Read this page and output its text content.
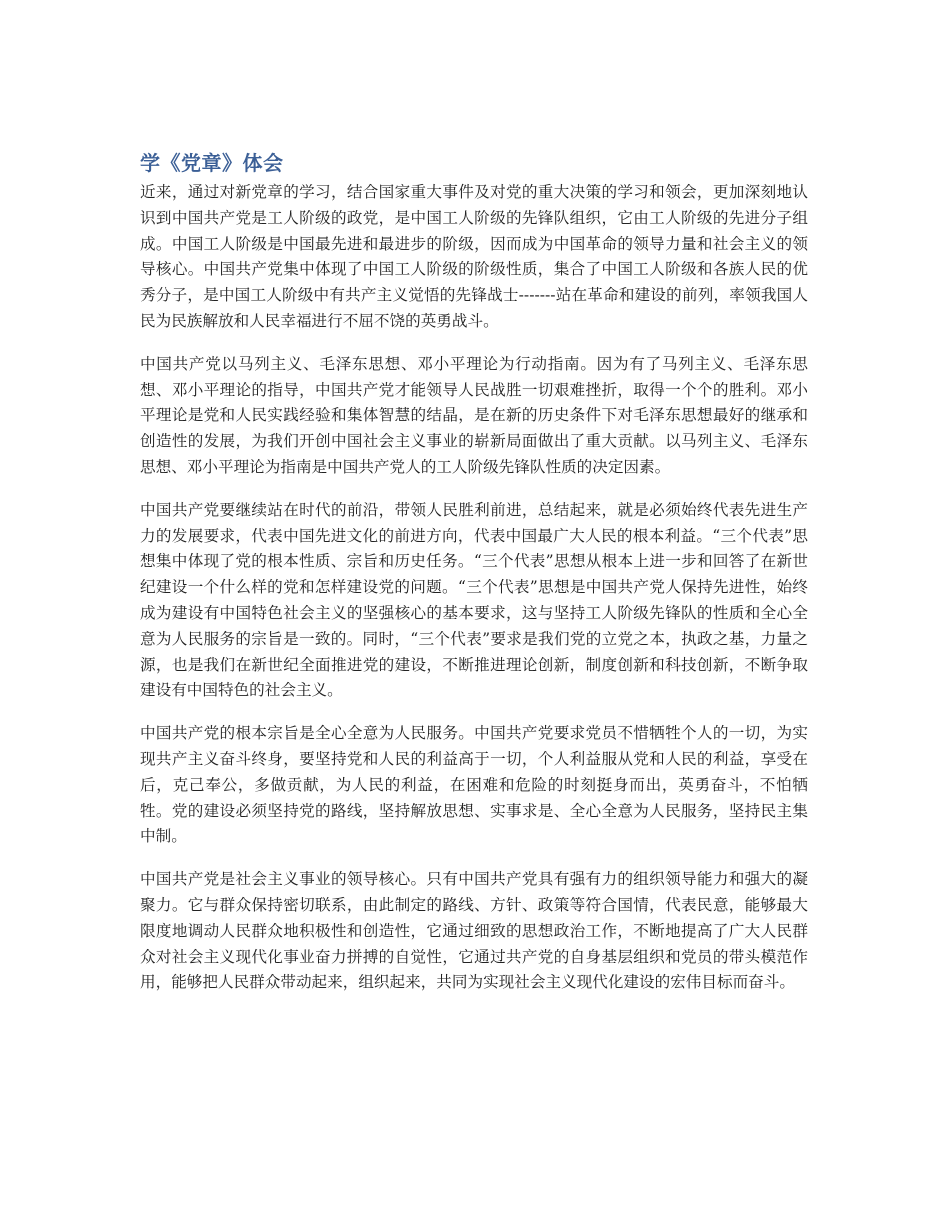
学《党章》体会

近来，通过对新党章的学习，结合国家重大事件及对党的重大决策的学习和领会，更加深刻地认识到中国共产党是工人阶级的政党，是中国工人阶级的先锋队组织，它由工人阶级的先进分子组成。中国工人阶级是中国最先进和最进步的阶级，因而成为中国革命的领导力量和社会主义的领导核心。中国共产党集中体现了中国工人阶级的阶级性质，集合了中国工人阶级和各族人民的优秀分子，是中国工人阶级中有共产主义觉悟的先锋战士-------站在革命和建设的前列，率领我国人民为民族解放和人民幸福进行不屈不饶的英勇战斗。

中国共产党以马列主义、毛泽东思想、邓小平理论为行动指南。因为有了马列主义、毛泽东思想、邓小平理论的指导，中国共产党才能领导人民战胜一切艰难挫折，取得一个个的胜利。邓小平理论是党和人民实践经验和集体智慧的结晶，是在新的历史条件下对毛泽东思想最好的继承和创造性的发展，为我们开创中国社会主义事业的崭新局面做出了重大贡献。以马列主义、毛泽东思想、邓小平理论为指南是中国共产党人的工人阶级先锋队性质的决定因素。

中国共产党要继续站在时代的前沿，带领人民胜利前进，总结起来，就是必须始终代表先进生产力的发展要求，代表中国先进文化的前进方向，代表中国最广大人民的根本利益。“三个代表”思想集中体现了党的根本性质、宗旨和历史任务。“三个代表”思想从根本上进一步和回答了在新世纪建设一个什么样的党和怎样建设党的问题。“三个代表”思想是中国共产党人保持先进性，始终成为建设有中国特色社会主义的坚强核心的基本要求，这与坚持工人阶级先锋队的性质和全心全意为人民服务的宗旨是一致的。同时，“三个代表”要求是我们党的立党之本，执政之基，力量之源，也是我们在新世纪全面推进党的建设，不断推进理论创新，制度创新和科技创新，不断争取建设有中国特色的社会主义。

中国共产党的根本宗旨是全心全意为人民服务。中国共产党要求党员不惜牺牲个人的一切，为实现共产主义奋斗终身，要坚持党和人民的利益高于一切，个人利益服从党和人民的利益，享受在后，克己奉公，多做贡献，为人民的利益，在困难和危险的时刻挺身而出，英勇奋斗，不怕牺牲。党的建设必须坚持党的路线，坚持解放思想、实事求是、全心全意为人民服务，坚持民主集中制。

中国共产党是社会主义事业的领导核心。只有中国共产党具有强有力的组织领导能力和强大的凝聚力。它与群众保持密切联系，由此制定的路线、方针、政策等符合国情，代表民意，能够最大限度地调动人民群众地积极性和创造性，它通过细致的思想政治工作，不断地提高了广大人民群众对社会主义现代化事业奋力拼搏的自觉性，它通过共产党的自身基层组织和党员的带头模范作用，能够把人民群众带动起来，组织起来，共同为实现社会主义现代化建设的宏伟目标而奋斗。
